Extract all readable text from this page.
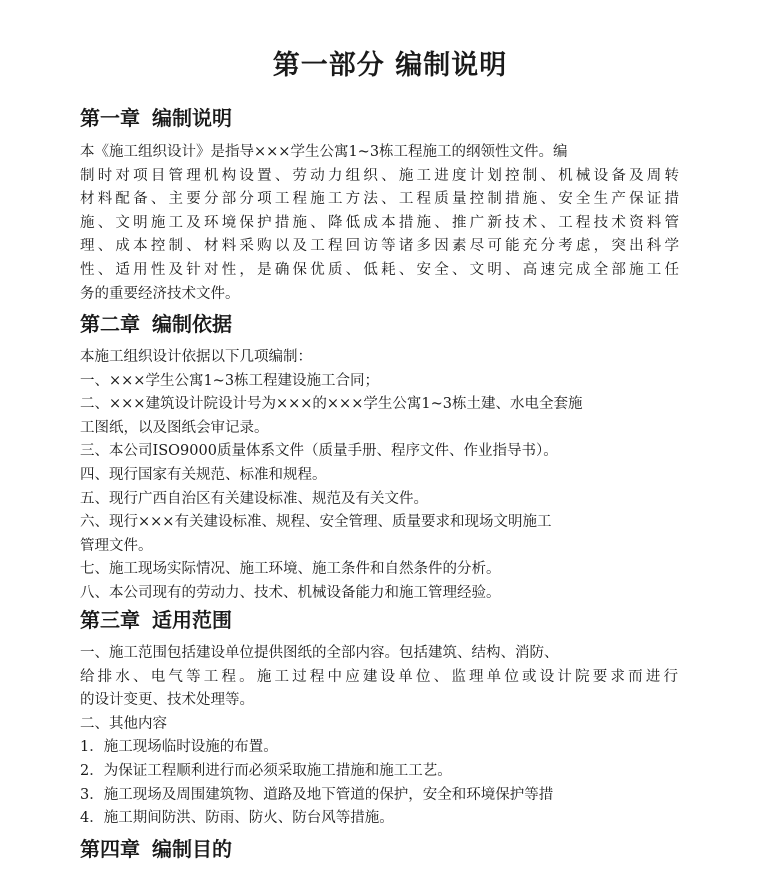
第一部分 编制说明
第一章 编制说明
本《施工组织设计》是指导×××学生公寓1~3栋工程施工的纲领性文件。编
制时对项目管理机构设置、劳动力组织、施工进度计划控制、机械设备及周转
材料配备、主要分部分项工程施工方法、工程质量控制措施、安全生产保证措
施、文明施工及环境保护措施、降低成本措施、推广新技术、工程技术资料管
理、成本控制、材料采购以及工程回访等诸多因素尽可能充分考虑，突出科学
性、适用性及针对性，是确保优质、低耗、安全、文明、高速完成全部施工任
务的重要经济技术文件。
第二章 编制依据
本施工组织设计依据以下几项编制：
一、×××学生公寓1~3栋工程建设施工合同；
二、×××建筑设计院设计号为×××的×××学生公寓1~3栋土建、水电全套施
工图纸，以及图纸会审记录。
三、本公司ISO9000质量体系文件（质量手册、程序文件、作业指导书）。
四、现行国家有关规范、标准和规程。
五、现行广西自治区有关建设标准、规范及有关文件。
六、现行×××有关建设标准、规程、安全管理、质量要求和现场文明施工
管理文件。
七、施工现场实际情况、施工环境、施工条件和自然条件的分析。
八、本公司现有的劳动力、技术、机械设备能力和施工管理经验。
第三章 适用范围
一、施工范围包括建设单位提供图纸的全部内容。包括建筑、结构、消防、
给排水、电气等工程。施工过程中应建设单位、监理单位或设计院要求而进行
的设计变更、技术处理等。
二、其他内容
1．施工现场临时设施的布置。
2．为保证工程顺利进行而必须采取施工措施和施工工艺。
3．施工现场及周围建筑物、道路及地下管道的保护，安全和环境保护等措
4．施工期间防洪、防雨、防火、防台风等措施。
第四章 编制目的
